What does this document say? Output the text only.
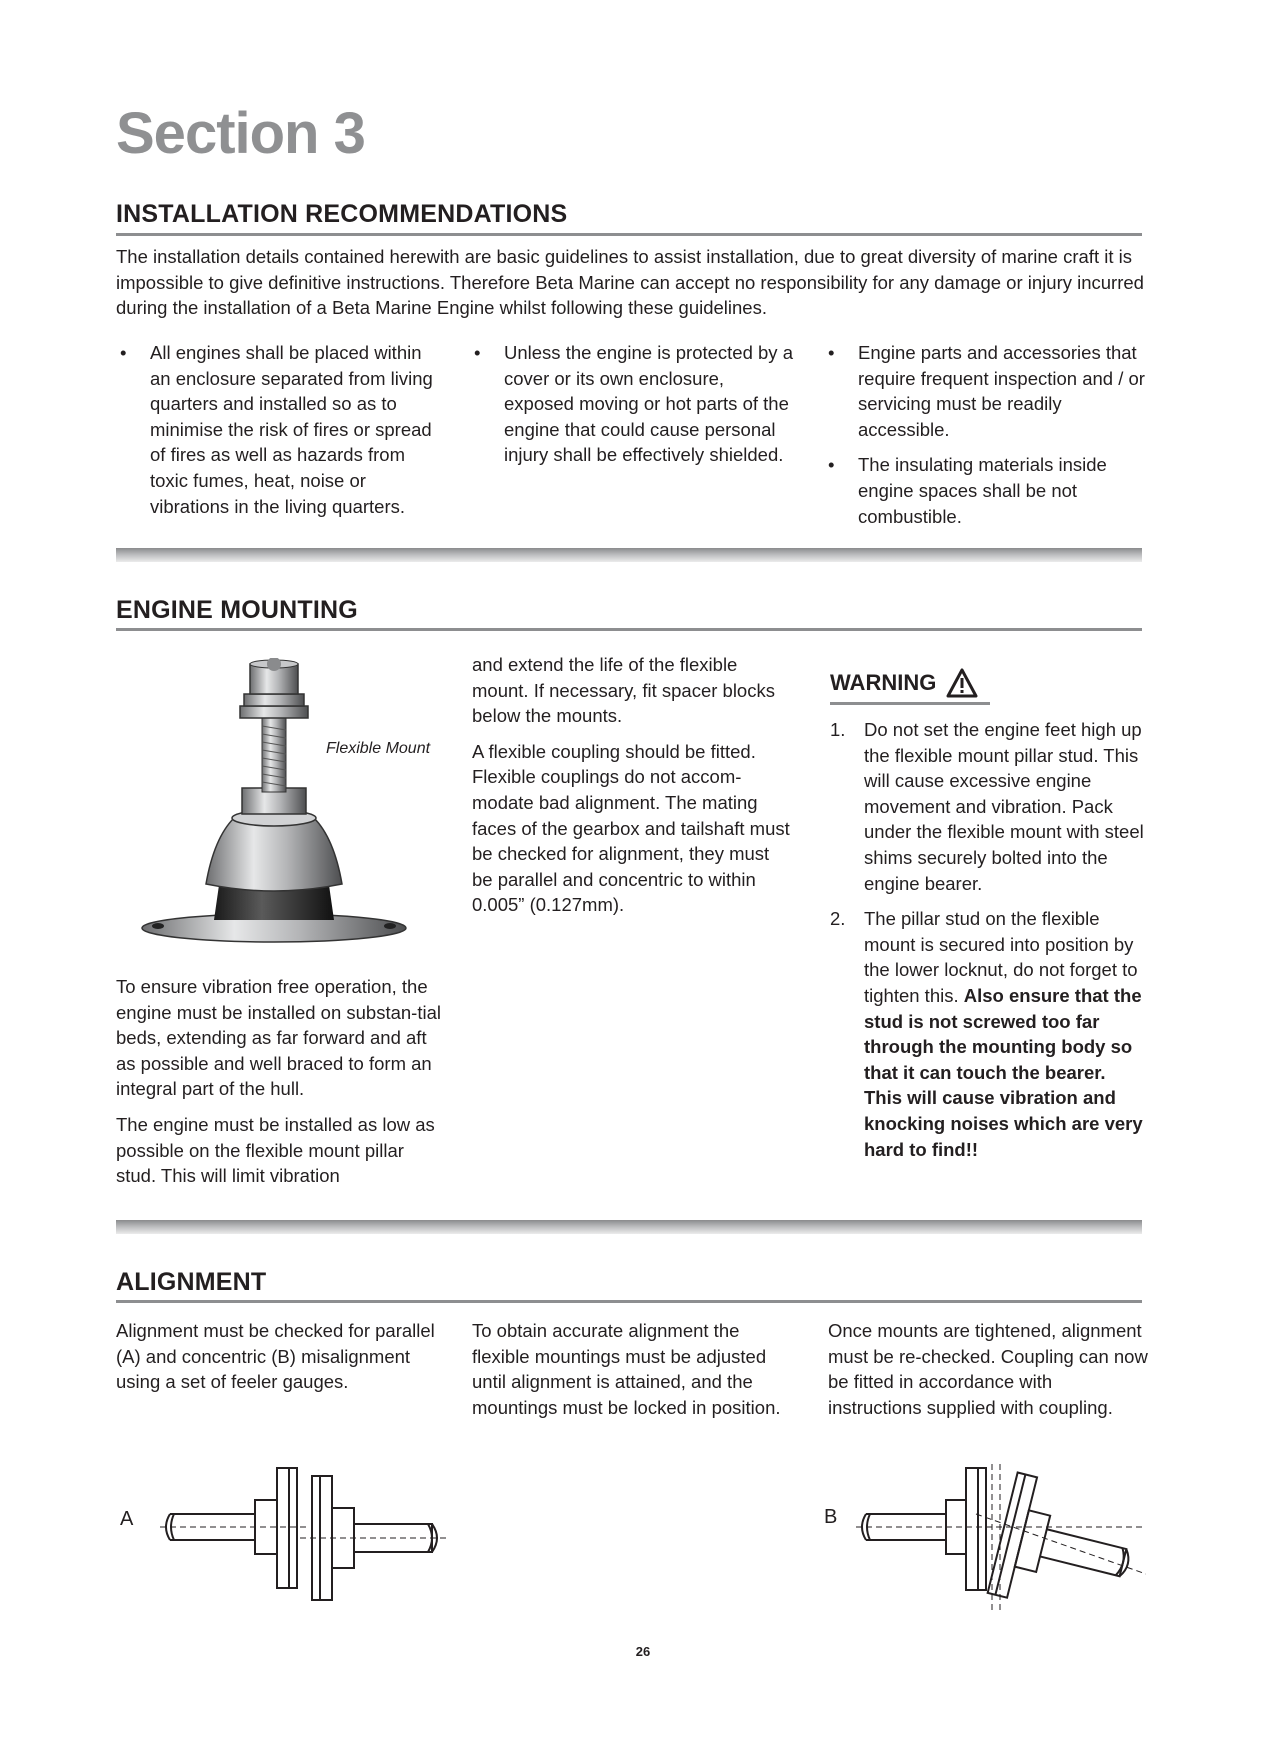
Section 3
INSTALLATION RECOMMENDATIONS

The installation details contained herewith are basic guidelines to assist installation, due to great diversity of marine craft it is impossible to give definitive instructions. Therefore Beta Marine can accept no responsibility for any damage or injury incurred during the installation of a Beta Marine Engine whilst following these guidelines.

• All engines shall be placed within an enclosure separated from living quarters and installed so as to minimise the risk of fires or spread of fires as well as hazards from toxic fumes, heat, noise or vibrations in the living quarters.
• Unless the engine is protected by a cover or its own enclosure, exposed moving or hot parts of the engine that could cause personal injury shall be effectively shielded.
• Engine parts and accessories that require frequent inspection and / or servicing must be readily accessible.
• The insulating materials inside engine spaces shall be not combustible.
ENGINE MOUNTING
Flexible Mount

To ensure vibration free operation, the engine must be installed on substan-tial beds, extending as far forward and aft as possible and well braced to form an integral part of the hull.

The engine must be installed as low as possible on the flexible mount pillar stud. This will limit vibration

and extend the life of the flexible mount. If necessary, fit spacer blocks below the mounts.

A flexible coupling should be fitted. Flexible couplings do not accom-modate bad alignment. The mating faces of the gearbox and tailshaft must be checked for alignment, they must be parallel and concentric to within 0.005” (0.127mm).

WARNING
1. Do not set the engine feet high up the flexible mount pillar stud. This will cause excessive engine movement and vibration. Pack under the flexible mount with steel shims securely bolted into the engine bearer.
2. The pillar stud on the flexible mount is secured into position by the lower locknut, do not forget to tighten this. Also ensure that the stud is not screwed too far through the mounting body so that it can touch the bearer. This will cause vibration and knocking noises which are very hard to find!!
ALIGNMENT

Alignment must be checked for parallel (A) and concentric (B) misalignment using a set of feeler gauges.

To obtain accurate alignment the flexible mountings must be adjusted until alignment is attained, and the mountings must be locked in position.

Once mounts are tightened, alignment must be re-checked. Coupling can now be fitted in accordance with instructions supplied with coupling.

A	B
26
